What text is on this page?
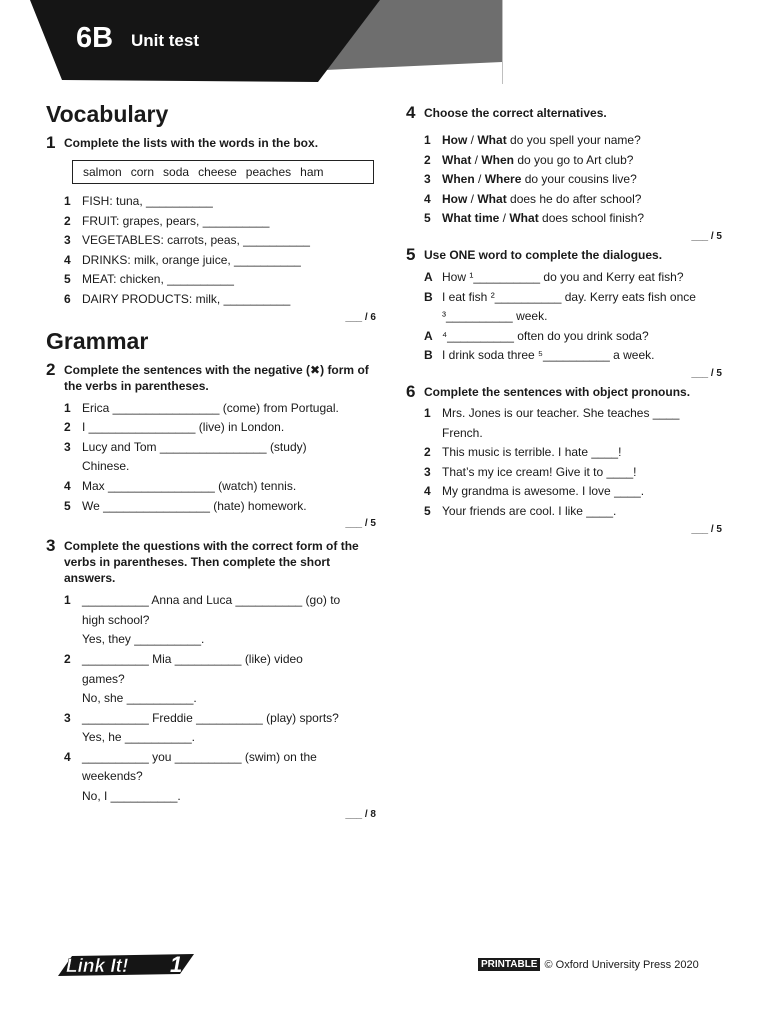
6B Unit test
Vocabulary
1 Complete the lists with the words in the box.
salmon corn soda cheese peaches ham
1 FISH: tuna, __________
2 FRUIT: grapes, pears, __________
3 VEGETABLES: carrots, peas, __________
4 DRINKS: milk, orange juice, __________
5 MEAT: chicken, __________
6 DAIRY PRODUCTS: milk, __________
___ / 6
Grammar
2 Complete the sentences with the negative (✖) form of the verbs in parentheses.
1 Erica ________________ (come) from Portugal.
2 I ________________ (live) in London.
3 Lucy and Tom ________________ (study)
Chinese.
4 Max ________________ (watch) tennis.
5 We ________________ (hate) homework.
___ / 5
3 Complete the questions with the correct form of the verbs in parentheses. Then complete the short answers.
1 __________ Anna and Luca __________ (go) to
high school?
Yes, they __________.
2 __________ Mia __________ (like) video
games?
No, she __________.
3 __________ Freddie __________ (play) sports?
Yes, he __________.
4 __________ you __________ (swim) on the
weekends?
No, I __________.
___ / 8
4 Choose the correct alternatives.
1 How / What do you spell your name?
2 What / When do you go to Art club?
3 When / Where do your cousins live?
4 How / What does he do after school?
5 What time / What does school finish?
___ / 5
5 Use ONE word to complete the dialogues.
A How ¹__________ do you and Kerry eat fish?
B I eat fish ²__________ day. Kerry eats fish once
³__________ week.
A ⁴__________ often do you drink soda?
B I drink soda three ⁵__________ a week.
___ / 5
6 Complete the sentences with object pronouns.
1 Mrs. Jones is our teacher. She teaches ____
French.
2 This music is terrible. I hate ____!
3 That’s my ice cream! Give it to ____!
4 My grandma is awesome. I love ____.
5 Your friends are cool. I like ____.
___ / 5
Link It! 1	PRINTABLE © Oxford University Press 2020
